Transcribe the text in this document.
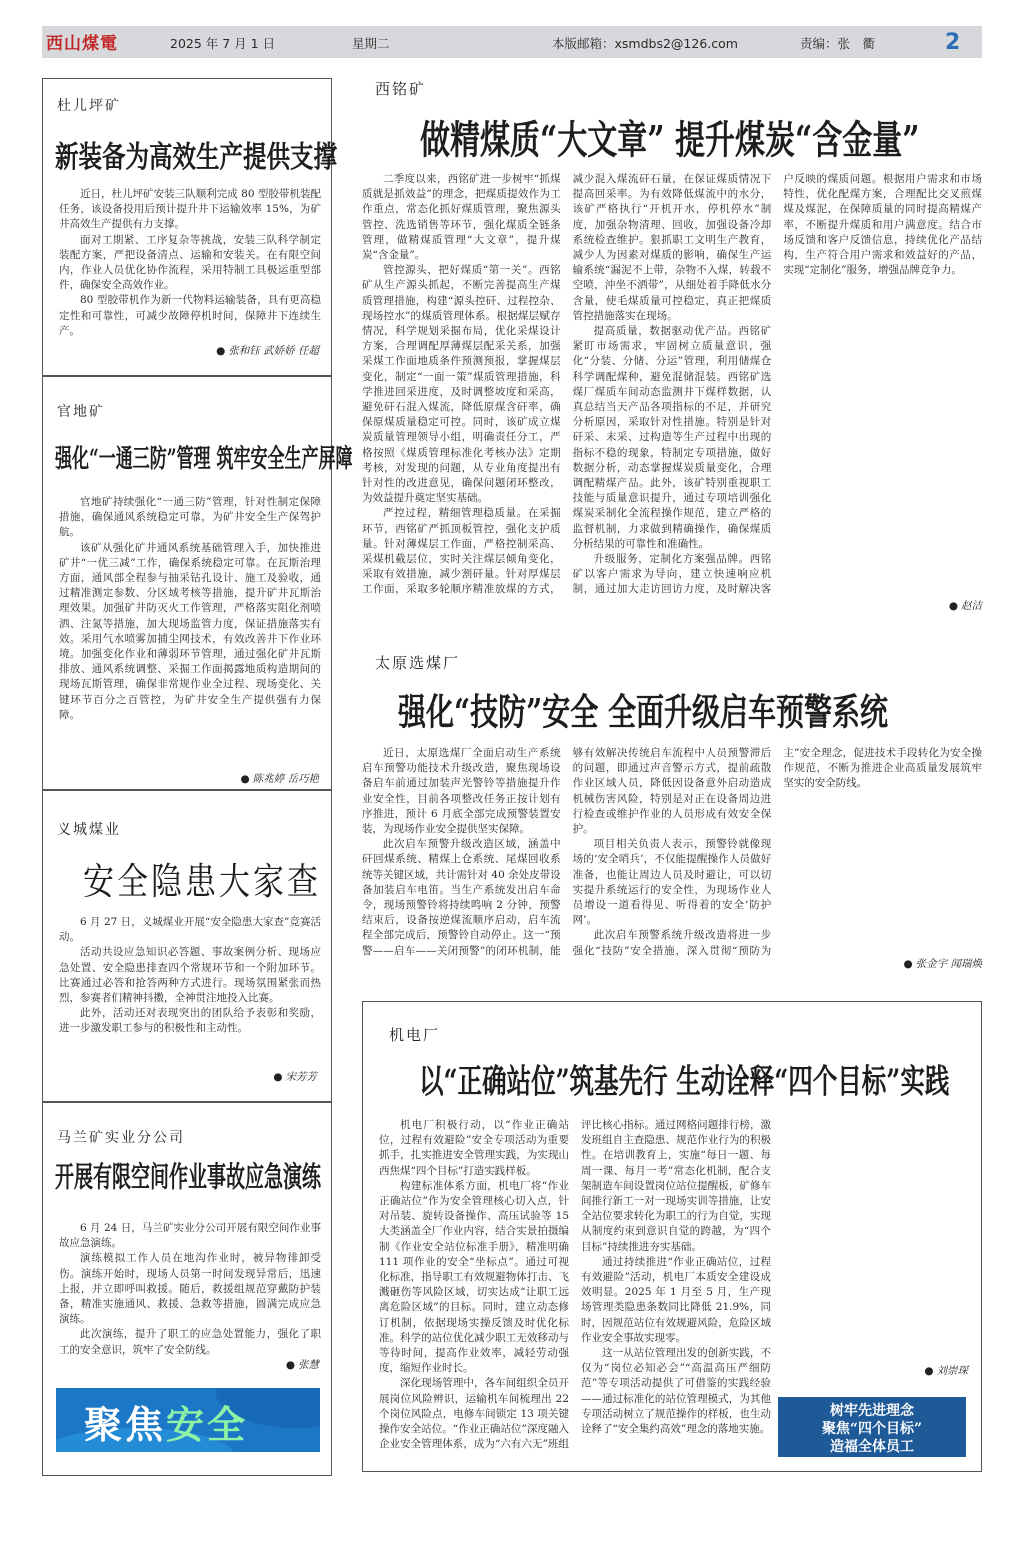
西山煤電	2025 年 7 月 1 日	星期二	本版邮箱：xsmdbs2@126.com	责编：张　衢	2
杜儿坪矿
新装备为高效生产提供支撑

近日，杜儿坪矿安装三队顺利完成 80 型胶带机装配任务，该设备投用后预计提升井下运输效率 15%，为矿井高效生产提供有力支撑。

面对工期紧、工序复杂等挑战，安装三队科学制定装配方案，严把设备清点、运输和安装关。在有限空间内，作业人员优化协作流程，采用特制工具极运重型部件，确保安全高效作业。

80 型胶带机作为新一代物料运输装备，具有更高稳定性和可靠性，可减少故障停机时间，保障井下连续生产。

● 张和钰 武娇娇 任超
官地矿
强化“一通三防”管理 筑牢安全生产屏障

官地矿持续强化“一通三防”管理，针对性制定保障措施，确保通风系统稳定可靠，为矿井安全生产保驾护航。

该矿从强化矿井通风系统基础管理入手，加快推进矿井“一优三减”工作，确保系统稳定可靠。在瓦斯治理方面，通风部全程参与抽采钻孔设计、施工及验收，通过精准测定参数、分区域考核等措施，提升矿井瓦斯治理效果。加强矿井防灭火工作管理，严格落实阻化剂喷洒、注氮等措施，加大现场监管力度，保证措施落实有效。采用气水喷雾加捕尘网技术，有效改善井下作业环境。加强变化作业和薄弱环节管理，通过强化矿井瓦斯排放、通风系统调整、采掘工作面揭露地质构造期间的现场瓦斯管理，确保非常规作业全过程、现场变化、关键环节百分之百管控，为矿井安全生产提供强有力保障。

● 陈兆婷 岳巧艳
义城煤业
安全隐患大家查

6 月 27 日，义城煤业开展“安全隐患大家查”竞赛活动。

活动共设应急知识必答题、事故案例分析、现场应急处置、安全隐患排查四个常规环节和一个附加环节。比赛通过必答和抢答两种方式进行。现场氛围紧张而热烈，参赛者们精神抖擞，全神贯注地投入比赛。

此外，活动还对表现突出的团队给予表彰和奖励，进一步激发职工参与的积极性和主动性。

● 宋芳芳
马兰矿实业分公司
开展有限空间作业事故应急演练

6 月 24 日，马兰矿实业分公司开展有限空间作业事故应急演练。

演练模拟工作人员在地沟作业时，被异物徘卸受伤。演练开始时，现场人员第一时间发现异常后，迅速上报，并立即呼叫救援。随后，救援组规范穿戴防护装备，精准实施通风、救援、急救等措施，圆满完成应急演练。

此次演练，提升了职工的应急处置能力，强化了职工的安全意识，筑牢了安全防线。

● 张慧
聚焦安全
西铭矿
做精煤质“大文章” 提升煤炭“含金量”

二季度以来，西铭矿进一步树牢“抓煤质就是抓效益”的理念，把煤质提效作为工作重点，常态化抓好煤质管理，聚焦源头管控、洗选销售等环节，强化煤质全链条管理，做精煤质管理“大文章”，提升煤炭“含金量”。

管控源头，把好煤质“第一关”。西铭矿从生产源头抓起，不断完善提高生产煤质管理措施，构建“源头控矸、过程控杂、现场控水”的煤质管理体系。根据煤层赋存情况，科学规划采掘布局，优化采煤设计方案，合理调配厚薄煤层配采关系，加强采煤工作面地质条件预测预报，掌握煤层变化，制定“一面一策”煤质管理措施，科学推进回采进度，及时调整坡度和采高，避免矸石混入煤流，降低原煤含矸率，确保原煤质量稳定可控。同时，该矿成立煤炭质量管理领导小组，明确责任分工，严格按照《煤质管理标准化考核办法》定期考核，对发现的问题，从专业角度提出有针对性的改进意见，确保问题闭环整改，为效益提升奠定坚实基础。

严控过程，精细管理稳质量。在采掘环节，西铭矿严抓顶板管控，强化支护质量。针对薄煤层工作面，严格控制采高、采煤机截层位，实时关注煤层倾角变化，采取有效措施，减少割矸量。针对厚煤层工作面，采取多轮顺序精准放煤的方式，减少混入煤流矸石量，在保证煤质情况下提高回采率。为有效降低煤流中的水分，该矿严格执行“开机开水，停机停水”制度，加强杂物清理、回收，加强设备冷却系统检查维护。狠抓职工文明生产教育，减少人为因素对煤质的影响，确保生产运输系统“漏泥不上带，杂物不入煤，转载不空喷，沖坐不洒带”，从细处着手降低水分含量，使毛煤质量可控稳定，真正把煤质管控措施落实在现场。

提高质量，数据驱动优产品。西铭矿紧盯市场需求，牢固树立质量意识，强化“分装、分储、分运”管理，利用储煤仓科学调配煤种，避免混储混装。西铭矿选煤厂煤质车间动态监测井下煤样数据，认真总结当天产品各项指标的不足，并研究分析原因，采取针对性措施。特别是针对矸采、末采、过构造等生产过程中出现的指标不稳的现象，特制定专项措施，做好数据分析，动态掌握煤炭质量变化，合理调配精煤产品。此外，该矿特别重视职工技能与质量意识提升，通过专项培训强化煤炭采制化全流程操作规范，建立严格的监督机制，力求做到精确操作，确保煤质分析结果的可靠性和准确性。

升级服务，定制化方案强品牌。西铭矿以客户需求为导向，建立快速响应机制，通过加大走访回访力度，及时解决客户反映的煤质问题。根据用户需求和市场特性，优化配煤方案，合理配比交叉煎煤煤及煤泥，在保障质量的同时提高精煤产率，不断提升煤质和用户满意度。结合市场反馈和客户反馈信息，持续优化产品结构，生产符合用户需求和效益好的产品，实现“定制化”服务，增强品牌竞争力。

● 赵洁
太原选煤厂
强化“技防”安全 全面升级启车预警系统

近日，太原选煤厂全面启动生产系统启车预警功能技术升级改造，聚焦现场设备启车前通过加装声光警铃等措施提升作业安全性，目前各项整改任务正按计划有序推进，预计 6 月底全部完成预警装置安装，为现场作业安全提供坚实保障。

此次启车预警升级改造区域，涵盖中矸回煤系统、精煤上仓系统、尾煤回收系统等关键区域，共计需针对 40 余处皮带设备加装启车电笛。当生产系统发出启车命令，现场预警铃将持续鸣响 2 分钟，预警结束后，设备按逆煤流顺序启动，启车流程全部完成后，预警铃自动停止。这一“预警——启车——关闭预警”的闭环机制，能够有效解决传统启车流程中人员预警滞后的问题，即通过声音警示方式，提前疏散作业区域人员，降低因设备意外启动造成机械伤害风险，特别是对正在设备周边进行检查或维护作业的人员形成有效安全保护。

项目相关负责人表示，预警铃就像现场的‘安全哨兵’，不仅能提醒操作人员做好准备，也能让周边人员及时避让，可以切实提升系统运行的安全性，为现场作业人员增设一道看得见、听得着的安全‘防护网’。

此次启车预警系统升级改造将进一步强化“技防”安全措施，深入贯彻“预防为主”安全理念，促进技术手段转化为安全操作规范，不断为推进企业高质量发展筑牢坚实的安全防线。

● 张金宇 闻瑞焕
机电厂
以“正确站位”筑基先行 生动诠释“四个目标”实践

机电厂积极行动，以“作业正确站位，过程有效避险”安全专项活动为重要抓手，扎实推进安全管理实践，为实现山西焦煤“四个目标”打造实践样板。

构建标准体系方面，机电厂将“作业正确站位”作为安全管理核心切入点，针对吊装、旋转设备操作、高压试验等 15 大类涵盖全厂作业内容，结合实景拍摄编制《作业安全站位标准手册》，精准明确 111 项作业的安全“坐标点”。通过可视化标准，指导职工有效规避物体打击、飞溅砸伤等风险区域，切实达成“让职工远离危险区域”的目标。同时，建立动态修订机制，依据现场实操反馈及时优化标准。科学的站位优化减少职工无效移动与等待时间，提高作业效率，减轻劳动强度，缩短作业时长。

深化现场管理中，各车间组织全员开展岗位风险辨识，运输机车间梳理出 22 个岗位风险点，电修车间锁定 13 项关键操作安全站位。“作业正确站位”深度融入企业安全管理体系，成为“六有六无”班组评比核心指标。通过网格问题排行榜，激发班组自主查隐患、规范作业行为的积极性。在培训教育上，实施“每日一题、每周一课、每月一考”常态化机制，配合支架制造车间设置岗位站位提醒板，矿修车间推行新工一对一现场实训等措施，让安全站位要求转化为职工的行为自觉，实现从制度约束到意识自觉的跨越，为“四个目标”持续推进夯实基础。

通过持续推进“作业正确站位，过程有效避险”活动，机电厂本质安全建设成效明显。2025 年 1 月至 5 月，生产现场管理类隐患条数同比降低 21.9%，同时，因规范站位有效规避风险，危险区域作业安全事故实现零。

这一从站位管理出发的创新实践，不仅为“岗位必知必会”“高温高压严细防范”等专项活动提供了可借鉴的实践经验——通过标准化的站位管理模式，为其他专项活动树立了规范操作的样板，也生动诠释了“安全集约高效”理念的落地实施。

● 刘崇琛
树牢先进理念
聚焦“四个目标”
造福全体员工
